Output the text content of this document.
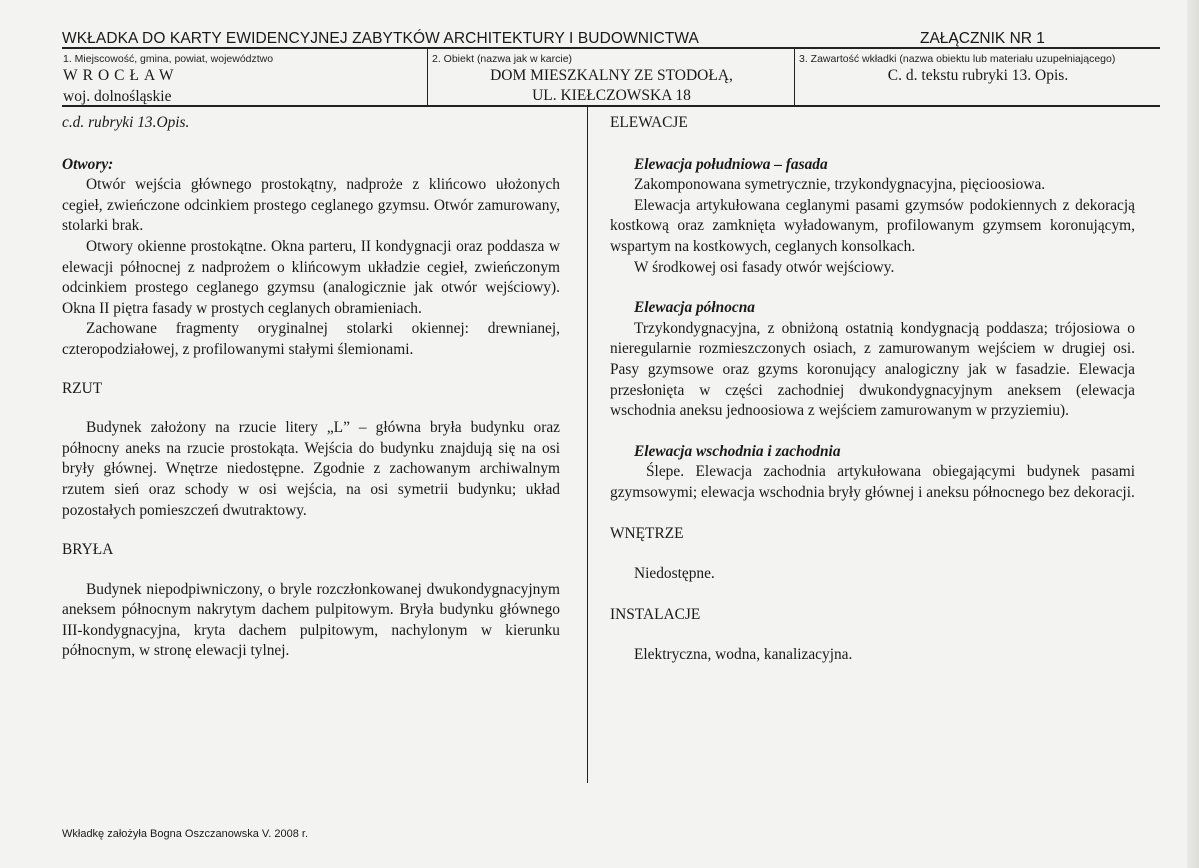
WKŁADKA DO KARTY EWIDENCYJNEJ ZABYTKÓW ARCHITEKTURY I BUDOWNICTWA	ZAŁĄCZNIK NR 1
1. Miejscowość, gmina, powiat, województwo
WROCŁAW
woj. dolnośląskie
2. Obiekt (nazwa jak w karcie)
DOM MIESZKALNY ZE STODOŁĄ,
UL. KIEŁCZOWSKA 18
3. Zawartość wkładki (nazwa obiektu lub materiału uzupełniającego)
C. d. tekstu rubryki 13. Opis.

c.d. rubryki 13.Opis.

Otwory:

Otwór wejścia głównego prostokątny, nadproże z klińcowo ułożonych cegieł, zwieńczone odcinkiem prostego ceglanego gzymsu. Otwór zamurowany, stolarki brak.

Otwory okienne prostokątne. Okna parteru, II kondygnacji oraz poddasza w elewacji północnej z nadprożem o klińcowym układzie cegieł, zwieńczonym odcinkiem prostego ceglanego gzymsu (analogicznie jak otwór wejściowy). Okna II piętra fasady w prostych ceglanych obramieniach.

Zachowane fragmenty oryginalnej stolarki okiennej: drewnianej, czteropodziałowej, z profilowanymi stałymi ślemionami.

RZUT

Budynek założony na rzucie litery „L” – główna bryła budynku oraz północny aneks na rzucie prostokąta. Wejścia do budynku znajdują się na osi bryły głównej. Wnętrze niedostępne. Zgodnie z zachowanym archiwalnym rzutem sień oraz schody w osi wejścia, na osi symetrii budynku; układ pozostałych pomieszczeń dwutraktowy.

BRYŁA

Budynek niepodpiwniczony, o bryle rozczłonkowanej dwukondygnacyjnym aneksem północnym nakrytym dachem pulpitowym. Bryła budynku głównego III-kondygnacyjna, kryta dachem pulpitowym, nachylonym w kierunku północnym, w stronę elewacji tylnej.

ELEWACJE

Elewacja południowa – fasada

Zakomponowana symetrycznie, trzykondygnacyjna, pięcioosiowa.

Elewacja artykułowana ceglanymi pasami gzymsów podokiennych z dekoracją kostkową oraz zamknięta wyładowanym, profilowanym gzymsem koronującym, wspartym na kostkowych, ceglanych konsolkach.

W środkowej osi fasady otwór wejściowy.

Elewacja północna

Trzykondygnacyjna, z obniżoną ostatnią kondygnacją poddasza; trójosiowa o nieregularnie rozmieszczonych osiach, z zamurowanym wejściem w drugiej osi. Pasy gzymsowe oraz gzyms koronujący analogiczny jak w fasadzie. Elewacja przesłonięta w części zachodniej dwukondygnacyjnym aneksem (elewacja wschodnia aneksu jednoosiowa z wejściem zamurowanym w przyziemiu).

Elewacja wschodnia i zachodnia

Ślepe. Elewacja zachodnia artykułowana obiegającymi budynek pasami gzymsowymi; elewacja wschodnia bryły głównej i aneksu północnego bez dekoracji.

WNĘTRZE

Niedostępne.

INSTALACJE

Elektryczna, wodna, kanalizacyjna.

Wkładkę założyła Bogna Oszczanowska V. 2008 r.
